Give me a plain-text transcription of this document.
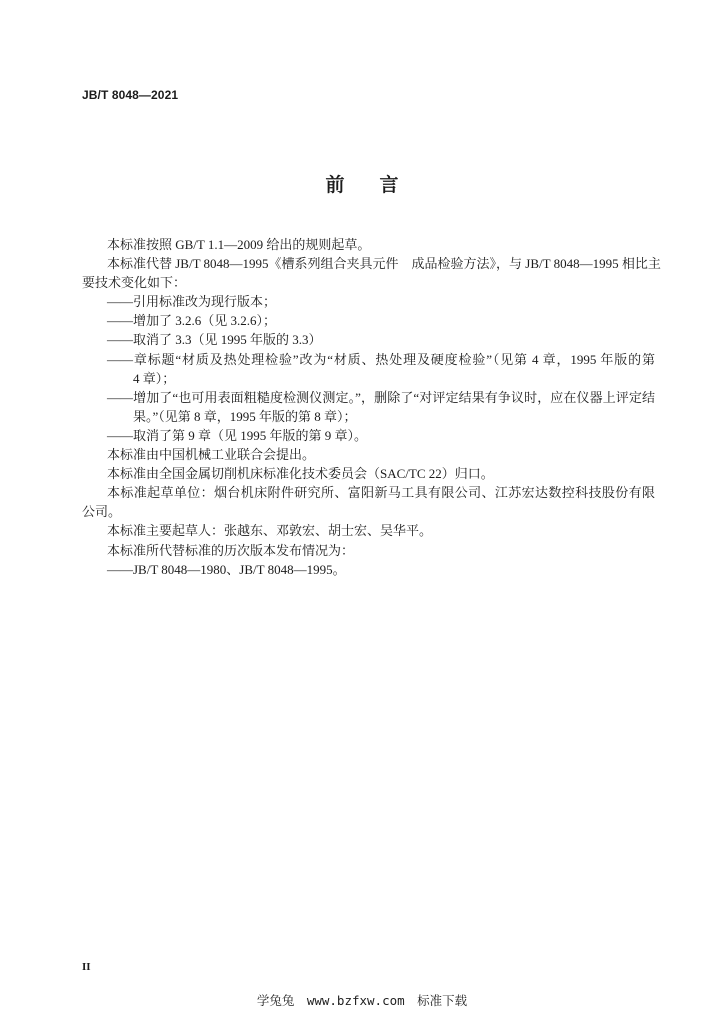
JB/T 8048—2021
前　言
本标准按照 GB/T 1.1—2009 给出的规则起草。
本标准代替 JB/T 8048—1995《槽系列组合夹具元件　成品检验方法》，与 JB/T 8048—1995 相比主
要技术变化如下：
——引用标准改为现行版本；
——增加了 3.2.6（见 3.2.6）；
——取消了 3.3（见 1995 年版的 3.3）
——章标题“材质及热处理检验”改为“材质、热处理及硬度检验”（见第 4 章，1995 年版的第
4 章）；
——增加了“也可用表面粗糙度检测仪测定。”，删除了“对评定结果有争议时，应在仪器上评定结
果。”（见第 8 章，1995 年版的第 8 章）；
——取消了第 9 章（见 1995 年版的第 9 章）。
本标准由中国机械工业联合会提出。
本标准由全国金属切削机床标准化技术委员会（SAC/TC 22）归口。
本标准起草单位：烟台机床附件研究所、富阳新马工具有限公司、江苏宏达数控科技股份有限
公司。
本标准主要起草人：张越东、邓敦宏、胡士宏、吴华平。
本标准所代替标准的历次版本发布情况为：
——JB/T 8048—1980、JB/T 8048—1995。
II
学兔兔　www.bzfxw.com　标准下载
